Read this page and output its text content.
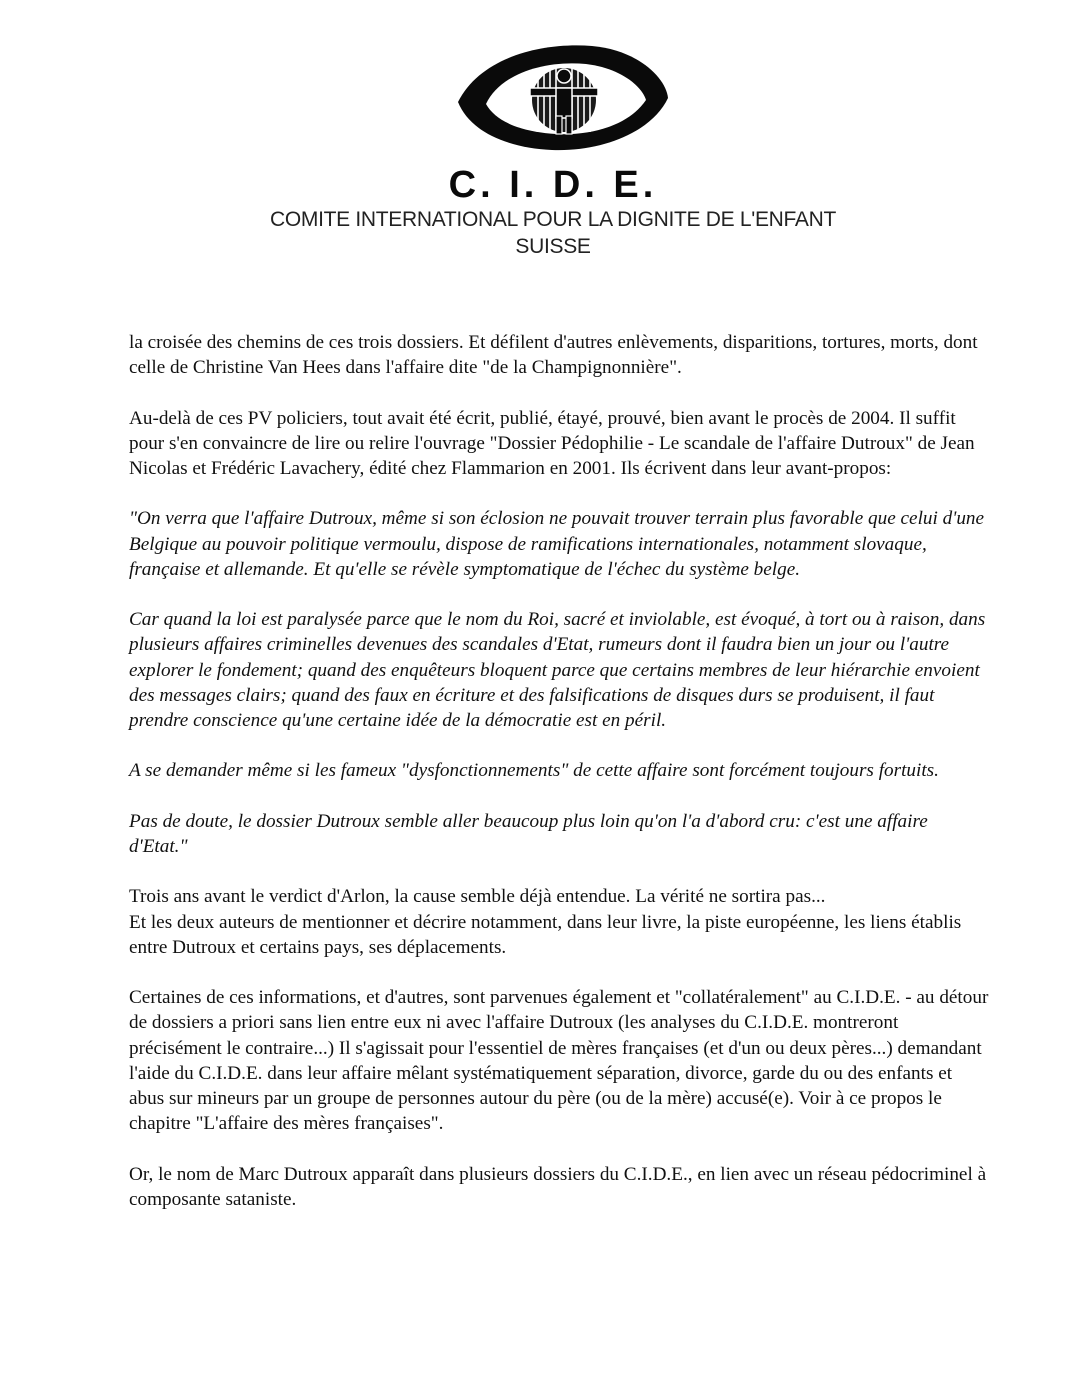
C. I. D. E.
COMITE INTERNATIONAL POUR LA DIGNITE DE L'ENFANT
SUISSE

la croisée des chemins de ces trois dossiers. Et défilent d'autres enlèvements, disparitions, tortures, morts, dont celle de Christine Van Hees dans l'affaire dite "de la Champignonnière".

Au-delà de ces PV policiers, tout avait été écrit, publié, étayé, prouvé, bien avant le procès de 2004. Il suffit pour s'en convaincre de lire ou relire l'ouvrage "Dossier Pédophilie - Le scandale de l'affaire Dutroux" de Jean Nicolas et Frédéric Lavachery, édité chez Flammarion en 2001. Ils écrivent dans leur avant-propos:

"On verra que l'affaire Dutroux, même si son éclosion ne pouvait trouver terrain plus favorable que celui d'une Belgique au pouvoir politique vermoulu, dispose de ramifications internationales, notamment slovaque, française et allemande. Et qu'elle se révèle symptomatique de l'échec du système belge.

Car quand la loi est paralysée parce que le nom du Roi, sacré et inviolable, est évoqué, à tort ou à raison, dans plusieurs affaires criminelles devenues des scandales d'Etat, rumeurs dont il faudra bien un jour ou l'autre explorer le fondement; quand des enquêteurs bloquent parce que certains membres de leur hiérarchie envoient des messages clairs; quand des faux en écriture et des falsifications de disques durs se produisent, il faut prendre conscience qu'une certaine idée de la démocratie est en péril.

A se demander même si les fameux "dysfonctionnements" de cette affaire sont forcément toujours fortuits.

Pas de doute, le dossier Dutroux semble aller beaucoup plus loin qu'on l'a d'abord cru: c'est une affaire d'Etat."

Trois ans avant le verdict d'Arlon, la cause semble déjà entendue. La vérité ne sortira pas...
Et les deux auteurs de mentionner et décrire notamment, dans leur livre, la piste européenne, les liens établis entre Dutroux et certains pays, ses déplacements.

Certaines de ces informations, et d'autres, sont parvenues également et "collatéralement" au C.I.D.E. - au détour de dossiers a priori sans lien entre eux ni avec l'affaire Dutroux (les analyses du C.I.D.E. montreront précisément le contraire...) Il s'agissait pour l'essentiel de mères françaises (et d'un ou deux pères...) demandant l'aide du C.I.D.E. dans leur affaire mêlant systématiquement séparation, divorce, garde du ou des enfants et abus sur mineurs par un groupe de personnes autour du père (ou de la mère) accusé(e). Voir à ce propos le chapitre "L'affaire des mères françaises".

Or, le nom de Marc Dutroux apparaît dans plusieurs dossiers du C.I.D.E., en lien avec un réseau pédocriminel à composante sataniste.
